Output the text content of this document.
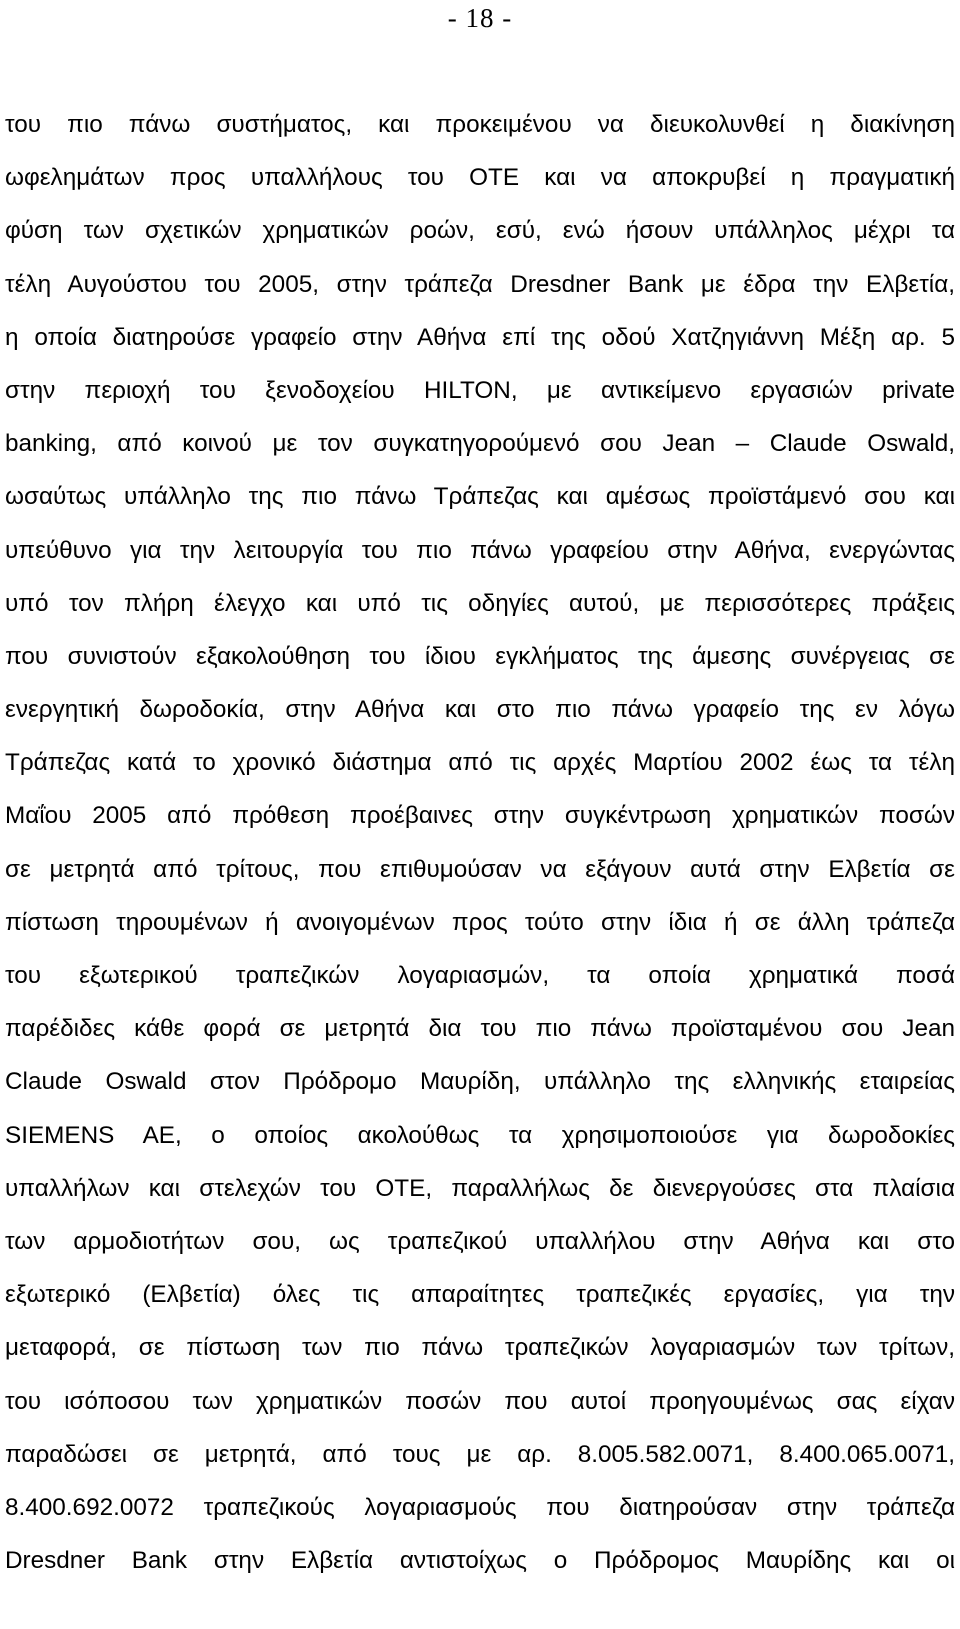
- 18 -
του πιο πάνω συστήματος, και προκειμένου να διευκολυνθεί η διακίνηση
ωφελημάτων προς υπαλλήλους του ΟΤΕ και να αποκρυβεί η πραγματική
φύση των σχετικών χρηματικών ροών, εσύ, ενώ ήσουν υπάλληλος μέχρι τα
τέλη Αυγούστου του 2005, στην τράπεζα Dresdner Bank με έδρα την Ελβετία,
η οποία διατηρούσε γραφείο στην Αθήνα επί της οδού Χατζηγιάννη Μέξη αρ. 5
στην περιοχή του ξενοδοχείου HILTON, με αντικείμενο εργασιών private
banking, από κοινού με τον συγκατηγορούμενό σου Jean – Claude Oswald,
ωσαύτως υπάλληλο της πιο πάνω Τράπεζας και αμέσως προϊστάμενό σου και
υπεύθυνο για την λειτουργία του πιο πάνω γραφείου στην Αθήνα, ενεργώντας
υπό τον πλήρη έλεγχο και υπό τις οδηγίες αυτού, με περισσότερες πράξεις
που συνιστούν εξακολούθηση του ίδιου εγκλήματος της άμεσης συνέργειας σε
ενεργητική δωροδοκία, στην Αθήνα και στο πιο πάνω γραφείο της εν λόγω
Τράπεζας κατά το χρονικό διάστημα από τις αρχές Μαρτίου 2002 έως τα τέλη
Μαΐου 2005 από πρόθεση προέβαινες στην συγκέντρωση χρηματικών ποσών
σε μετρητά από τρίτους, που επιθυμούσαν να εξάγουν αυτά στην Ελβετία σε
πίστωση τηρουμένων ή ανοιγομένων προς τούτο στην ίδια ή σε άλλη τράπεζα
του εξωτερικού τραπεζικών λογαριασμών, τα οποία χρηματικά ποσά
παρέδιδες κάθε φορά σε μετρητά δια του πιο πάνω προϊσταμένου σου Jean
Claude Oswald στον Πρόδρομο Μαυρίδη, υπάλληλο της ελληνικής εταιρείας
SIEMENS AE, ο οποίος ακολούθως τα χρησιμοποιούσε για δωροδοκίες
υπαλλήλων και στελεχών του ΟΤΕ, παραλλήλως δε διενεργούσες στα πλαίσια
των αρμοδιοτήτων σου, ως τραπεζικού υπαλλήλου στην Αθήνα και στο
εξωτερικό (Ελβετία) όλες τις απαραίτητες τραπεζικές εργασίες, για την
μεταφορά, σε πίστωση των πιο πάνω τραπεζικών λογαριασμών των τρίτων,
του ισόποσου των χρηματικών ποσών που αυτοί προηγουμένως σας είχαν
παραδώσει σε μετρητά, από τους με αρ. 8.005.582.0071, 8.400.065.0071,
8.400.692.0072 τραπεζικούς λογαριασμούς που διατηρούσαν στην τράπεζα
Dresdner Bank στην Ελβετία αντιστοίχως ο Πρόδρομος Μαυρίδης και οι
